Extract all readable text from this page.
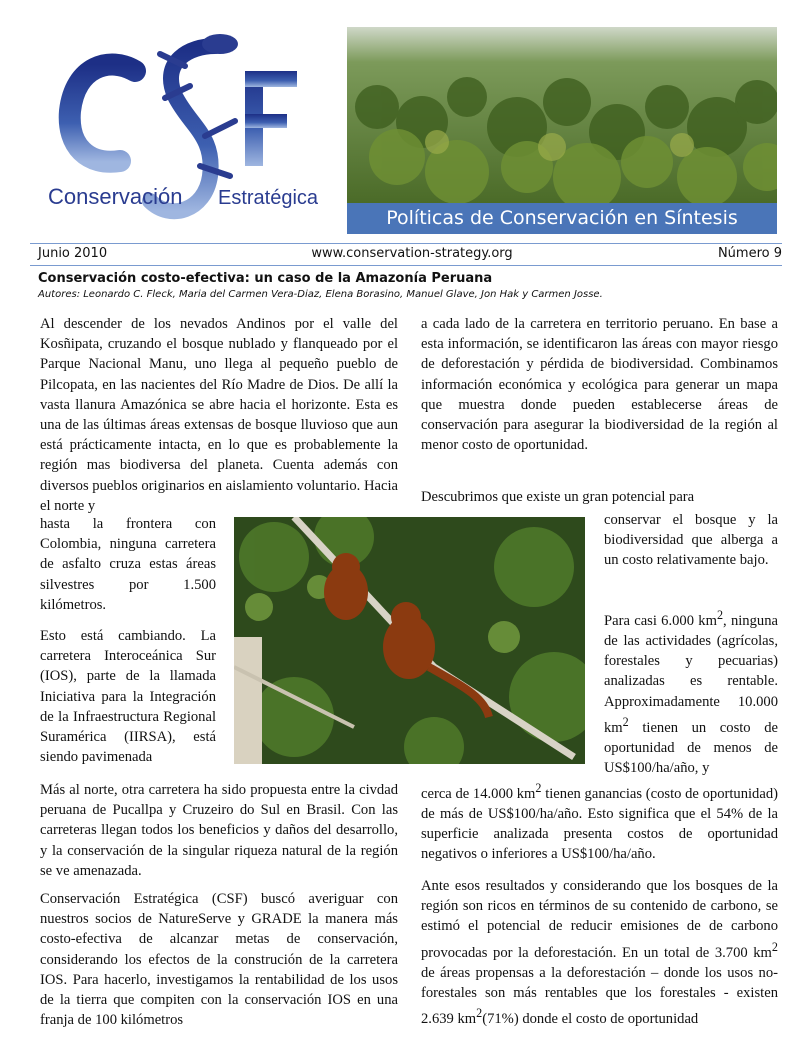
Conservación Estratégica
Políticas de Conservación en Síntesis
Junio 2010	www.conservation-strategy.org	Número 9
Conservación costo-efectiva: un caso de la Amazonía Peruana
Autores: Leonardo C. Fleck, Maria del Carmen Vera-Diaz, Elena Borasino, Manuel Glave, Jon Hak y Carmen Josse.
Al descender de los nevados Andinos por el valle del Kosñipata, cruzando el bosque nublado y flanqueado por el Parque Nacional Manu, uno llega al pequeño pueblo de Pilcopata, en las nacientes del Río Madre de Dios. De allí la vasta llanura Amazónica se abre hacia el horizonte. Esta es una de las últimas áreas extensas de bosque lluvioso que aun está prácticamente intacta, en lo que es probablemente la región mas biodiversa del planeta. Cuenta además con diversos pueblos originarios en aislamiento voluntario. Hacia el norte y
hasta la frontera con Colombia, ninguna carretera de asfalto cruza estas áreas silvestres por 1.500 kilómetros.
Esto está cambiando. La carretera Interoceánica Sur (IOS), parte de la llamada Iniciativa para la Integración de la Infraestructura Regional Suramérica (IIRSA), está siendo pavimenada
Más al norte, otra carretera ha sido propuesta entre la civdad peruana de Pucallpa y Cruzeiro do Sul en Brasil. Con las carreteras llegan todos los beneficios y daños del desarrollo, y la conservación de la singular riqueza natural de la región se ve amenazada.
Conservación Estratégica (CSF) buscó averiguar con nuestros socios de NatureServe y GRADE la manera más costo-efectiva de alcanzar metas de conservación, considerando los efectos de la construción de la carretera IOS. Para hacerlo, investigamos la rentabilidad de los usos de la tierra que compiten con la conservación IOS en una franja de 100 kilómetros
a cada lado de la carretera en territorio peruano. En base a esta información, se identificaron las áreas con mayor riesgo de deforestación y pérdida de biodiversidad. Combinamos información económica y ecológica para generar un mapa que muestra donde pueden establecerse áreas de conservación para asegurar la biodiversidad de la región al menor costo de oportunidad.
Descubrimos que existe un gran potencial para
conservar el bosque y la biodiversidad que alberga a un costo relativamente bajo.
Para casi 6.000 $km^2$, ninguna de las actividades (agrícolas, forestales y pecuarias) analizadas es rentable. Approximadamente 10.000 $km^2$ tienen un costo de oportunidad de menos de US$100/ha/año, y
cerca de 14.000 $km^2$ tienen ganancias (costo de oportunidad) de más de US$100/ha/año. Esto significa que el 54% de la superficie analizada presenta costos de oportunidad negativos o inferiores a US$100/ha/año.
Ante esos resultados y considerando que los bosques de la región son ricos en términos de su contenido de carbono, se estimó el potencial de reducir emisiones de de carbono provocadas por la deforestación. En un total de 3.700 $km^2$ de áreas propensas a la deforestación – donde los usos no-forestales son más rentables que los forestales - existen 2.639 $km^2(71\%)$ donde el costo de oportunidad
